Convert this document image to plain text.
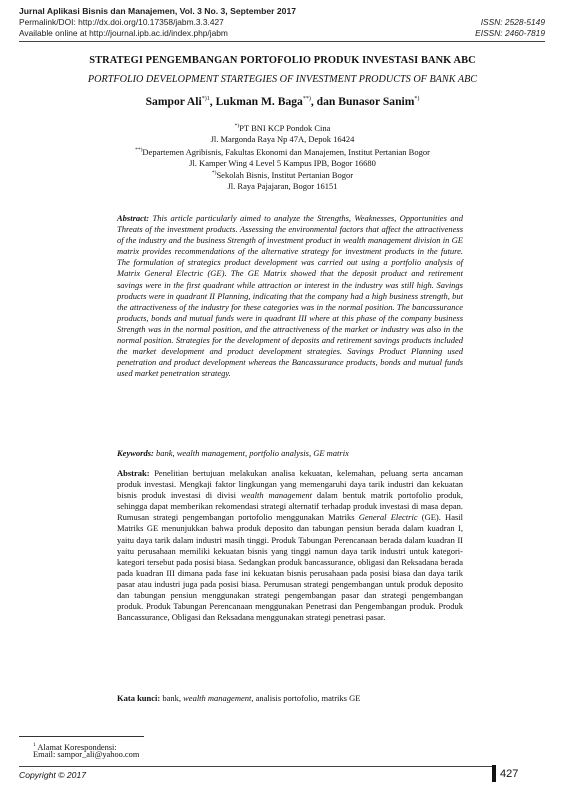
Jurnal Aplikasi Bisnis dan Manajemen, Vol. 3 No. 3, September 2017
Permalink/DOI: http://dx.doi.org/10.17358/jabm.3.3.427	ISSN: 2528-5149
Available online at http://journal.ipb.ac.id/index.php/jabm	EISSN: 2460-7819
STRATEGI PENGEMBANGAN PORTOFOLIO PRODUK INVESTASI BANK ABC
PORTFOLIO DEVELOPMENT STARTEGIES OF INVESTMENT PRODUCTS OF BANK ABC
Sampor Ali$^{*)1}$, Lukman M. Baga**), dan Bunasor Sanim*)
*)PT BNI KCP Pondok Cina
Jl. Margonda Raya Np 47A, Depok 16424
**)Departemen Agribisnis, Fakultas Ekonomi dan Manajemen, Institut Pertanian Bogor
Jl. Kamper Wing 4 Level 5 Kampus IPB, Bogor 16680
*)Sekolah Bisnis, Institut Pertanian Bogor
Jl. Raya Pajajaran, Bogor 16151
Abstract: This article particularly aimed to analyze the Strengths, Weaknesses, Opportunities and Threats of the investment products. Assessing the environmental factors that affect the attractiveness of the industry and the business Strength of investment product in wealth management division in GE matrix provides recommendations of the alternative strategy for investment products in the future. The formulation of strategics product development was carried out using a portfolio analysis of Matrix General Electric (GE). The GE Matrix showed that the deposit product and retirement savings were in the first quadrant while attraction or interest in the industry was still high. Savings products were in quadrant II Planning, indicating that the company had a high business strength, but the attractiveness of the industry for these categories was in the normal position. The bancassurance products, bonds and mutual funds were in quadrant III where at this phase of the company business Strength was in the normal position, and the attractiveness of the market or industry was also in the normal position. Strategies for the development of deposits and retirement savings products included the market development and product development strategies. Savings Product Planning used penetration and product development whereas the Bancassurance products, bonds and mutual funds used market penetration strategy.
Keywords: bank, wealth management, portfolio analysis, GE matrix
Abstrak: Penelitian bertujuan melakukan analisa kekuatan, kelemahan, peluang serta ancaman produk investasi. Mengkaji faktor lingkungan yang memengaruhi daya tarik industri dan kekuatan bisnis produk investasi di divisi wealth management dalam bentuk matrik portofolio produk, sehingga dapat memberikan rekomendasi strategi alternatif terhadap produk investasi di masa depan. Rumusan strategi pengembangan portofolio menggunakan Matriks General Electric (GE). Hasil Matriks GE menunjukkan bahwa produk deposito dan tabungan pensiun berada dalam kuadran I, yaitu daya tarik dalam industri masih tinggi. Produk Tabungan Perencanaan berada dalam kuadran II yaitu perusahaan memiliki kekuatan bisnis yang tinggi namun daya tarik industri untuk kategori-kategori tersebut pada posisi biasa. Sedangkan produk bancassurance, obligasi dan Reksadana berada pada kuadran III dimana pada fase ini kekuatan bisnis perusahaan pada posisi biasa dan daya tarik pasar atau industri juga pada posisi biasa. Perumusan strategi pengembangan untuk produk deposito dan tabungan pensiun menggunakan strategi pengembangan pasar dan strategi pengembangan produk. Produk Tabungan Perencanaan menggunakan Penetrasi dan Pengembangan produk. Produk Bancassurance, Obligasi dan Reksadana menggunakan strategi penetrasi pasar.
Kata kunci: bank, wealth management, analisis portofolio, matriks GE
$^1$ Alamat Korespondensi:
Email: sampor_ali@yahoo.com
Copyright © 2017	427
